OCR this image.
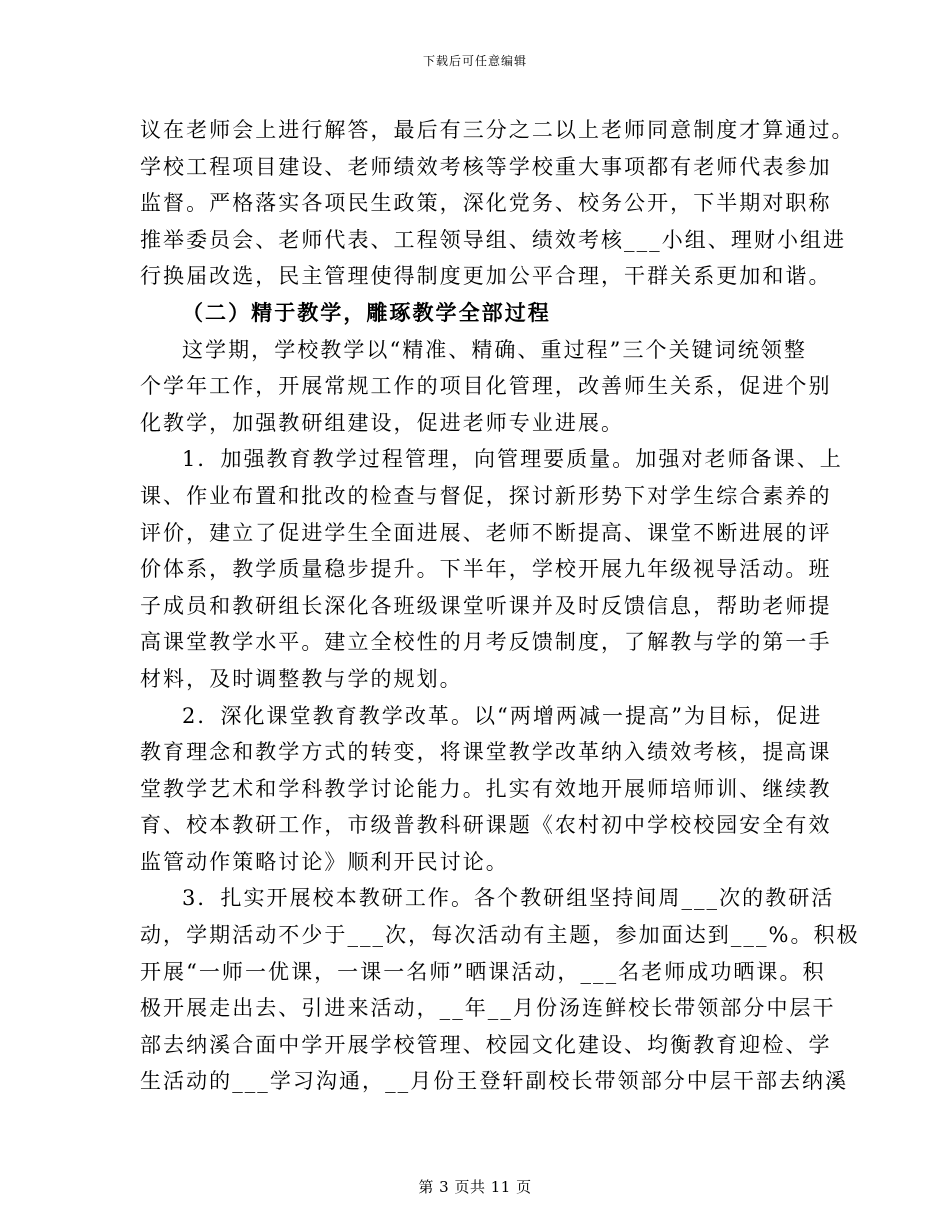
下载后可任意编辑
议在老师会上进行解答，最后有三分之二以上老师同意制度才算通过。
学校工程项目建设、老师绩效考核等学校重大事项都有老师代表参加
监督。严格落实各项民生政策，深化党务、校务公开，下半期对职称
推举委员会、老师代表、工程领导组、绩效考核___小组、理财小组进
行换届改选，民主管理使得制度更加公平合理，干群关系更加和谐。
（二）精于教学，雕琢教学全部过程
这学期，学校教学以“精准、精确、重过程”三个关键词统领整
个学年工作，开展常规工作的项目化管理，改善师生关系，促进个别
化教学，加强教研组建设，促进老师专业进展。
1．加强教育教学过程管理，向管理要质量。加强对老师备课、上
课、作业布置和批改的检查与督促，探讨新形势下对学生综合素养的
评价，建立了促进学生全面进展、老师不断提高、课堂不断进展的评
价体系，教学质量稳步提升。下半年，学校开展九年级视导活动。班
子成员和教研组长深化各班级课堂听课并及时反馈信息，帮助老师提
高课堂教学水平。建立全校性的月考反馈制度，了解教与学的第一手
材料，及时调整教与学的规划。
2．深化课堂教育教学改革。以“两增两减一提高”为目标，促进
教育理念和教学方式的转变，将课堂教学改革纳入绩效考核，提高课
堂教学艺术和学科教学讨论能力。扎实有效地开展师培师训、继续教
育、校本教研工作，市级普教科研课题《农村初中学校校园安全有效
监管动作策略讨论》顺利开民讨论。
3．扎实开展校本教研工作。各个教研组坚持间周___次的教研活
动，学期活动不少于___次，每次活动有主题，参加面达到___%。积极
开展“一师一优课，一课一名师”晒课活动，___名老师成功晒课。积
极开展走出去、引进来活动，__年__月份汤连鲜校长带领部分中层干
部去纳溪合面中学开展学校管理、校园文化建设、均衡教育迎检、学
生活动的___学习沟通，__月份王登轩副校长带领部分中层干部去纳溪
第 3 页共 11 页
